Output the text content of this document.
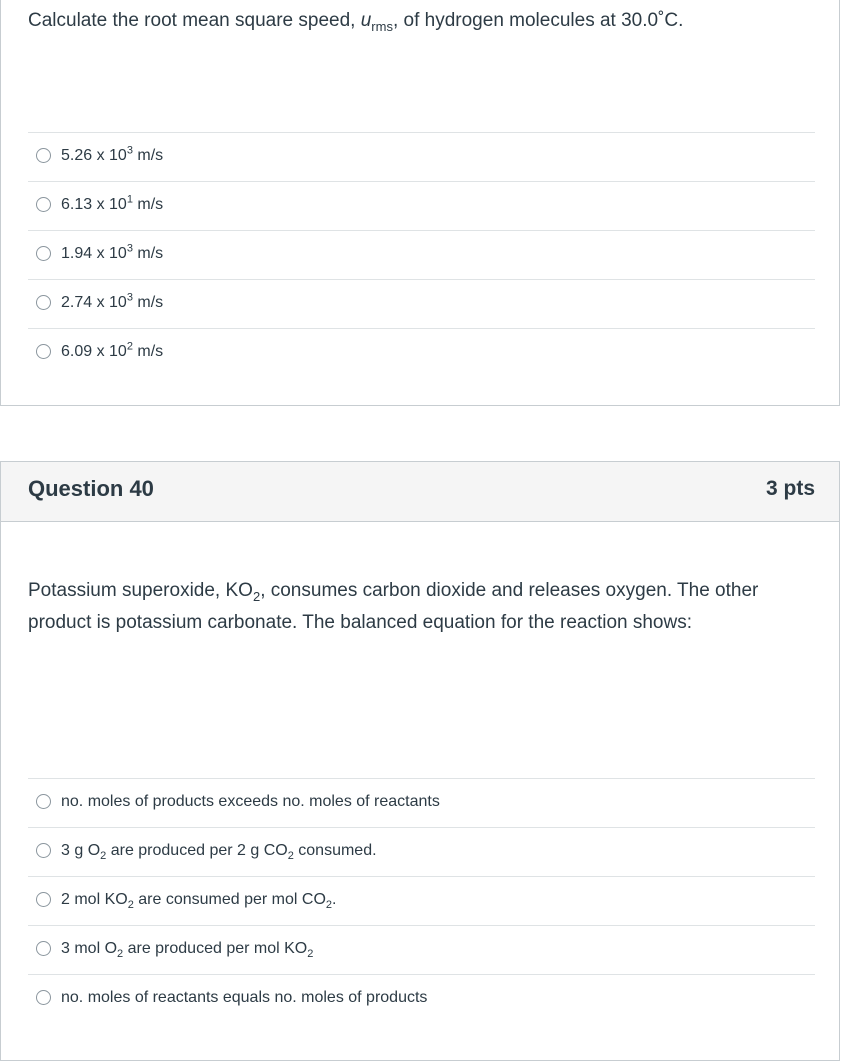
Calculate the root mean square speed, $u_{rms}$, of hydrogen molecules at 30.0˚C.
5.26 x $10^3$ m/s
6.13 x $10^1$ m/s
1.94 x $10^3$ m/s
2.74 x $10^3$ m/s
6.09 x $10^2$ m/s
Question 40	3 pts
Potassium superoxide, $KO_2$, consumes carbon dioxide and releases oxygen. The other
product is potassium carbonate. The balanced equation for the reaction shows:
no. moles of products exceeds no. moles of reactants
3 g $O_2$ are produced per 2 g $CO_2$ consumed.
2 mol $KO_2$ are consumed per mol $CO_2$.
3 mol $O_2$ are produced per mol $KO_2$
no. moles of reactants equals no. moles of products
